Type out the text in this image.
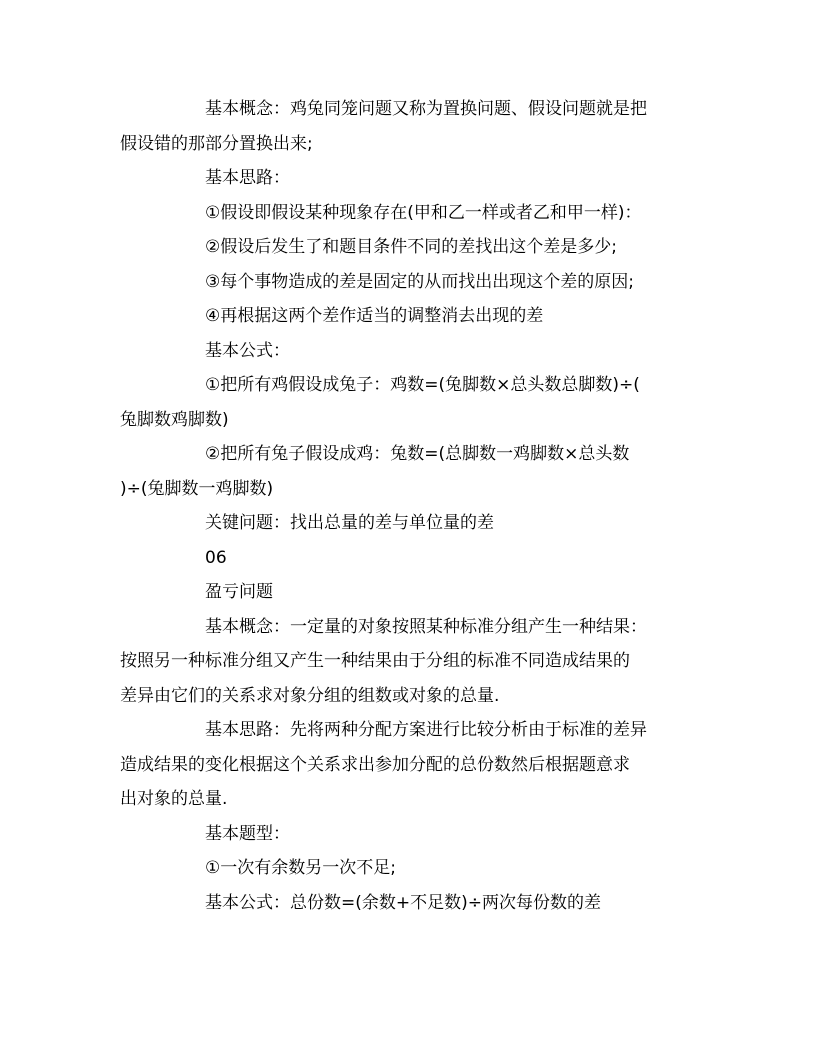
基本概念：鸡兔同笼问题又称为置换问题、假设问题就是把

假设错的那部分置换出来;

基本思路：

①假设即假设某种现象存在(甲和乙一样或者乙和甲一样)：

②假设后发生了和题目条件不同的差找出这个差是多少;

③每个事物造成的差是固定的从而找出出现这个差的原因;

④再根据这两个差作适当的调整消去出现的差

基本公式：

①把所有鸡假设成兔子：鸡数=(兔脚数×总头数总脚数)÷(

兔脚数鸡脚数)

②把所有兔子假设成鸡：兔数=(总脚数一鸡脚数×总头数

)÷(兔脚数一鸡脚数)

关键问题：找出总量的差与单位量的差

06

盈亏问题

基本概念：一定量的对象按照某种标准分组产生一种结果：

按照另一种标准分组又产生一种结果由于分组的标准不同造成结果的

差异由它们的关系求对象分组的组数或对象的总量.

基本思路：先将两种分配方案进行比较分析由于标准的差异

造成结果的变化根据这个关系求出参加分配的总份数然后根据题意求

出对象的总量.

基本题型：

①一次有余数另一次不足;

基本公式：总份数=(余数+不足数)÷两次每份数的差
